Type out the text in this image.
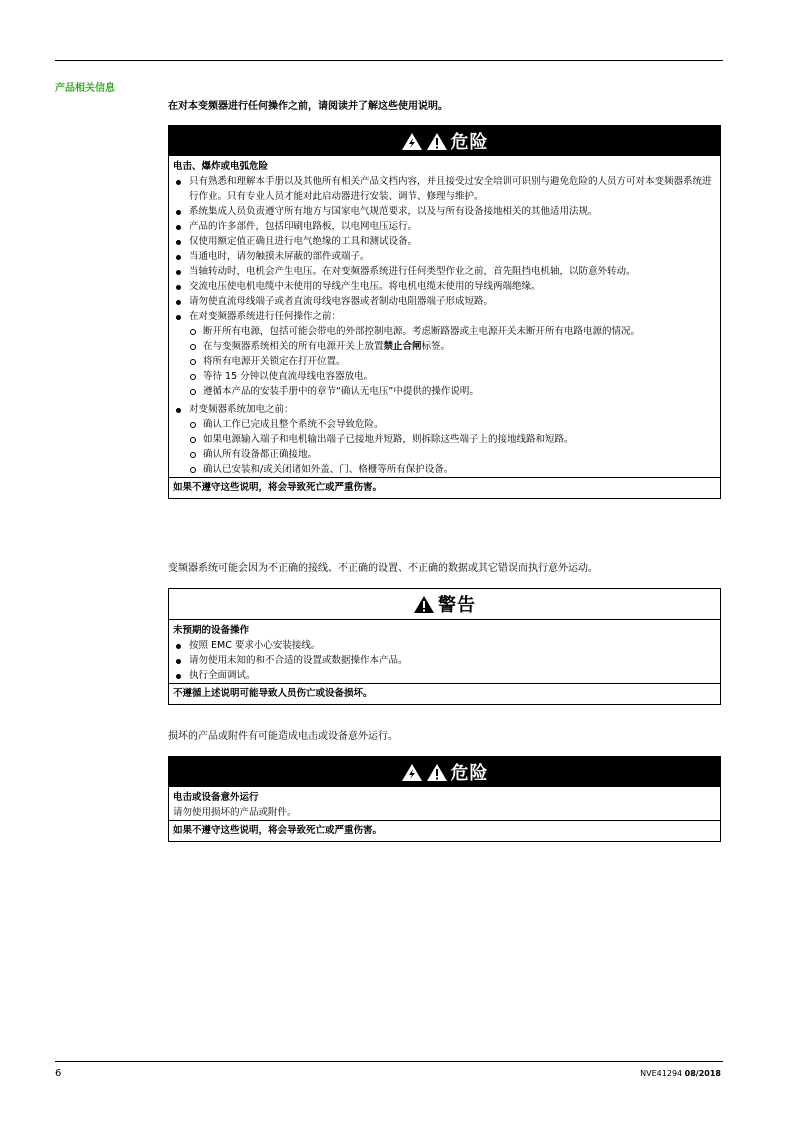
产品相关信息
在对本变频器进行任何操作之前，请阅读并了解这些使用说明。
危险
电击、爆炸或电弧危险
只有熟悉和理解本手册以及其他所有相关产品文档内容，并且接受过安全培训可识别与避免危险的人员方可对本变频器系统进行作业。只有专业人员才能对此启动器进行安装、调节、修理与维护。
系统集成人员负责遵守所有地方与国家电气规范要求，以及与所有设备接地相关的其他适用法规。
产品的许多部件，包括印刷电路板，以电网电压运行。
仅使用额定值正确且进行电气绝缘的工具和测试设备。
当通电时，请勿触摸未屏蔽的部件或端子。
当轴转动时，电机会产生电压。在对变频器系统进行任何类型作业之前，首先阻挡电机轴，以防意外转动。
交流电压使电机电缆中未使用的导线产生电压。将电机电缆未使用的导线两端绝缘。
请勿使直流母线端子或者直流母线电容器或者制动电阻器端子形成短路。
在对变频器系统进行任何操作之前：
断开所有电源，包括可能会带电的外部控制电源。考虑断路器或主电源开关未断开所有电路电源的情况。
在与变频器系统相关的所有电源开关上放置禁止合闸标签。
将所有电源开关锁定在打开位置。
等待 15 分钟以使直流母线电容器放电。
遵循本产品的安装手册中的章节“确认无电压”中提供的操作说明。
对变频器系统加电之前：
确认工作已完成且整个系统不会导致危险。
如果电源输入端子和电机输出端子已接地并短路，则拆除这些端子上的接地线路和短路。
确认所有设备都正确接地。
确认已安装和/或关闭诸如外盖、门、格栅等所有保护设备。
如果不遵守这些说明，将会导致死亡或严重伤害。
变频器系统可能会因为不正确的接线、不正确的设置、不正确的数据或其它错误而执行意外运动。
警告
未预期的设备操作
按照 EMC 要求小心安装接线。
请勿使用未知的和不合适的设置或数据操作本产品。
执行全面调试。
不遵循上述说明可能导致人员伤亡或设备损坏。
损坏的产品或附件有可能造成电击或设备意外运行。
危险
电击或设备意外运行
请勿使用损坏的产品或附件。
如果不遵守这些说明，将会导致死亡或严重伤害。
6	NVE41294 08/2018
